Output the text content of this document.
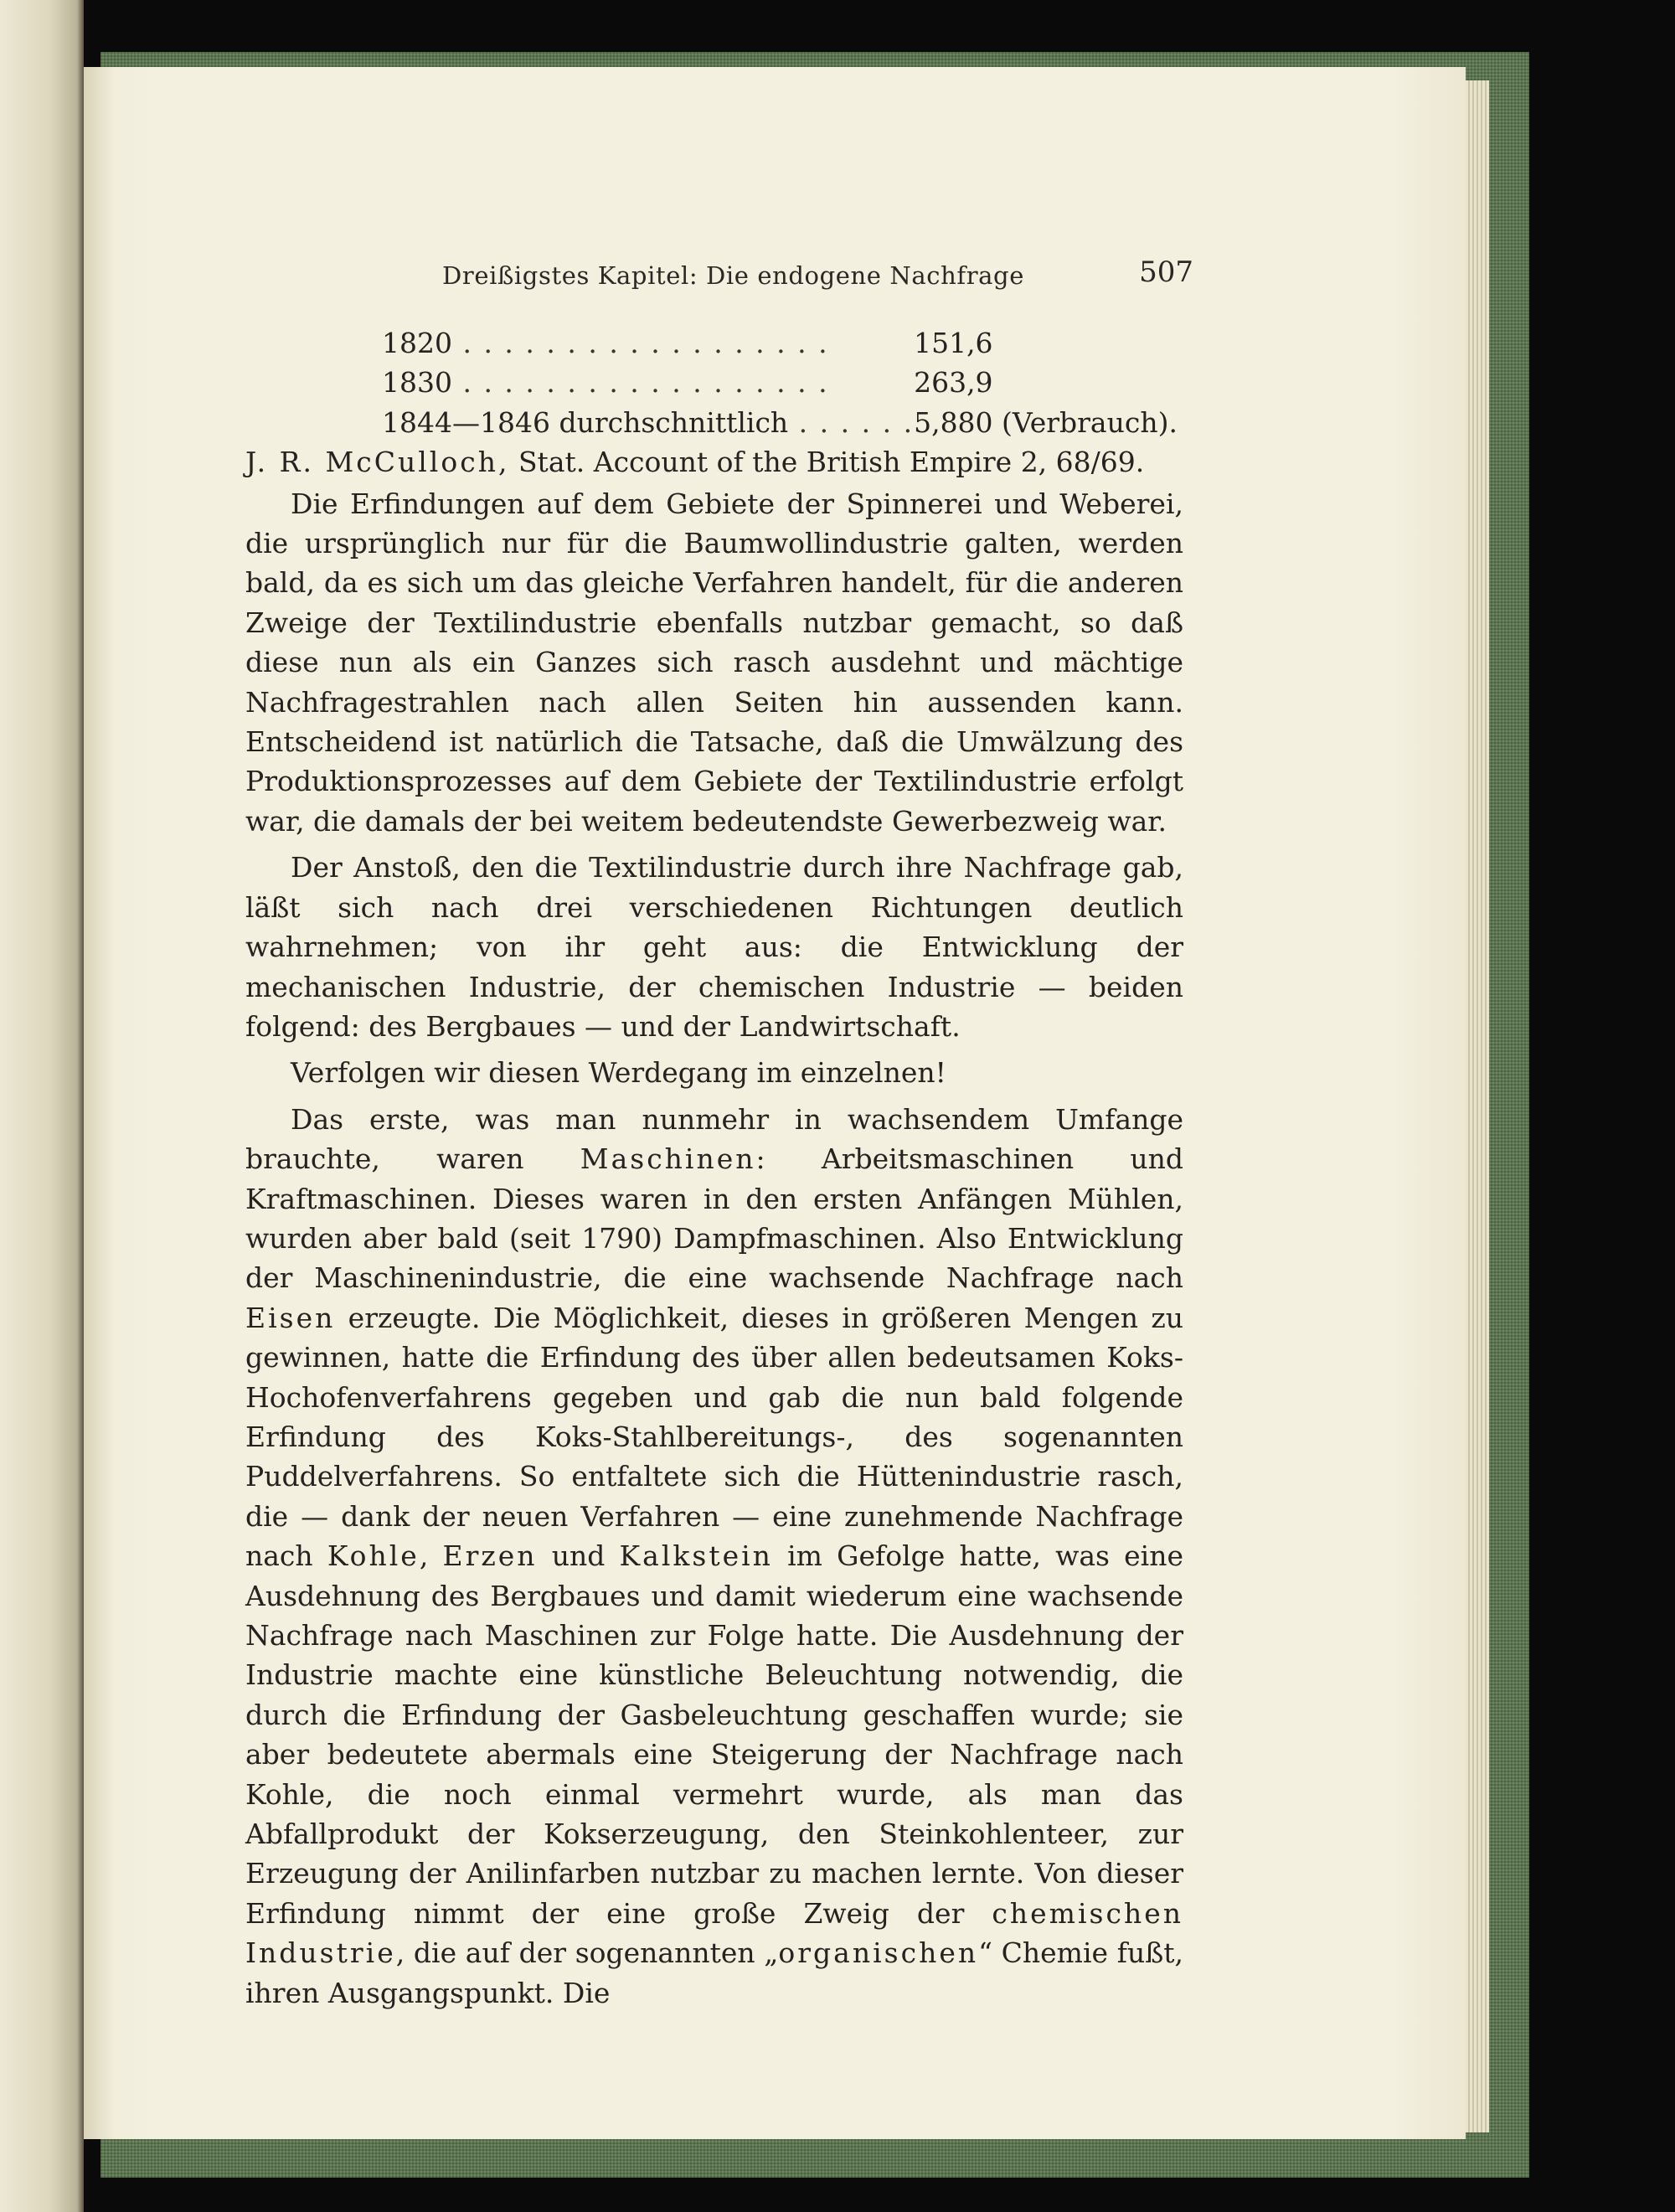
Dreißigstes Kapitel: Die endogene Nachfrage	507
1820 . . . . . . . . . . . . . . . . . .	151,6
1830 . . . . . . . . . . . . . . . . . .	263,9
1844—1846 durchschnittlich . . . . . .	5,880 (Verbrauch).

J. R. McCulloch, Stat. Account of the British Empire 2, 68/69.

Die Erfindungen auf dem Gebiete der Spinnerei und Weberei, die ursprünglich nur für die Baumwollindustrie galten, werden bald, da es sich um das gleiche Verfahren handelt, für die anderen Zweige der Textilindustrie ebenfalls nutzbar gemacht, so daß diese nun als ein Ganzes sich rasch ausdehnt und mächtige Nachfragestrahlen nach allen Seiten hin aussenden kann. Entscheidend ist natürlich die Tatsache, daß die Umwälzung des Produktionsprozesses auf dem Gebiete der Textilindustrie erfolgt war, die damals der bei weitem bedeutendste Gewerbezweig war.

Der Anstoß, den die Textilindustrie durch ihre Nachfrage gab, läßt sich nach drei verschiedenen Richtungen deutlich wahrnehmen; von ihr geht aus: die Entwicklung der mechanischen Industrie, der chemischen Industrie — beiden folgend: des Bergbaues — und der Landwirtschaft.

Verfolgen wir diesen Werdegang im einzelnen!

Das erste, was man nunmehr in wachsendem Umfange brauchte, waren Maschinen: Arbeitsmaschinen und Kraftmaschinen. Dieses waren in den ersten Anfängen Mühlen, wurden aber bald (seit 1790) Dampfmaschinen. Also Entwicklung der Maschinenindustrie, die eine wachsende Nachfrage nach Eisen erzeugte. Die Möglichkeit, dieses in größeren Mengen zu gewinnen, hatte die Erfindung des über allen bedeutsamen Koks-Hochofenverfahrens gegeben und gab die nun bald folgende Erfindung des Koks-Stahlbereitungs-, des sogenannten Puddelverfahrens. So entfaltete sich die Hüttenindustrie rasch, die — dank der neuen Verfahren — eine zunehmende Nachfrage nach Kohle, Erzen und Kalkstein im Gefolge hatte, was eine Ausdehnung des Bergbaues und damit wiederum eine wachsende Nachfrage nach Maschinen zur Folge hatte. Die Ausdehnung der Industrie machte eine künstliche Beleuchtung notwendig, die durch die Erfindung der Gasbeleuchtung geschaffen wurde; sie aber bedeutete abermals eine Steigerung der Nachfrage nach Kohle, die noch einmal vermehrt wurde, als man das Abfallprodukt der Kokserzeugung, den Steinkohlenteer, zur Erzeugung der Anilinfarben nutzbar zu machen lernte. Von dieser Erfindung nimmt der eine große Zweig der chemischen Industrie, die auf der sogenannten „organischen“ Chemie fußt, ihren Ausgangspunkt. Die
